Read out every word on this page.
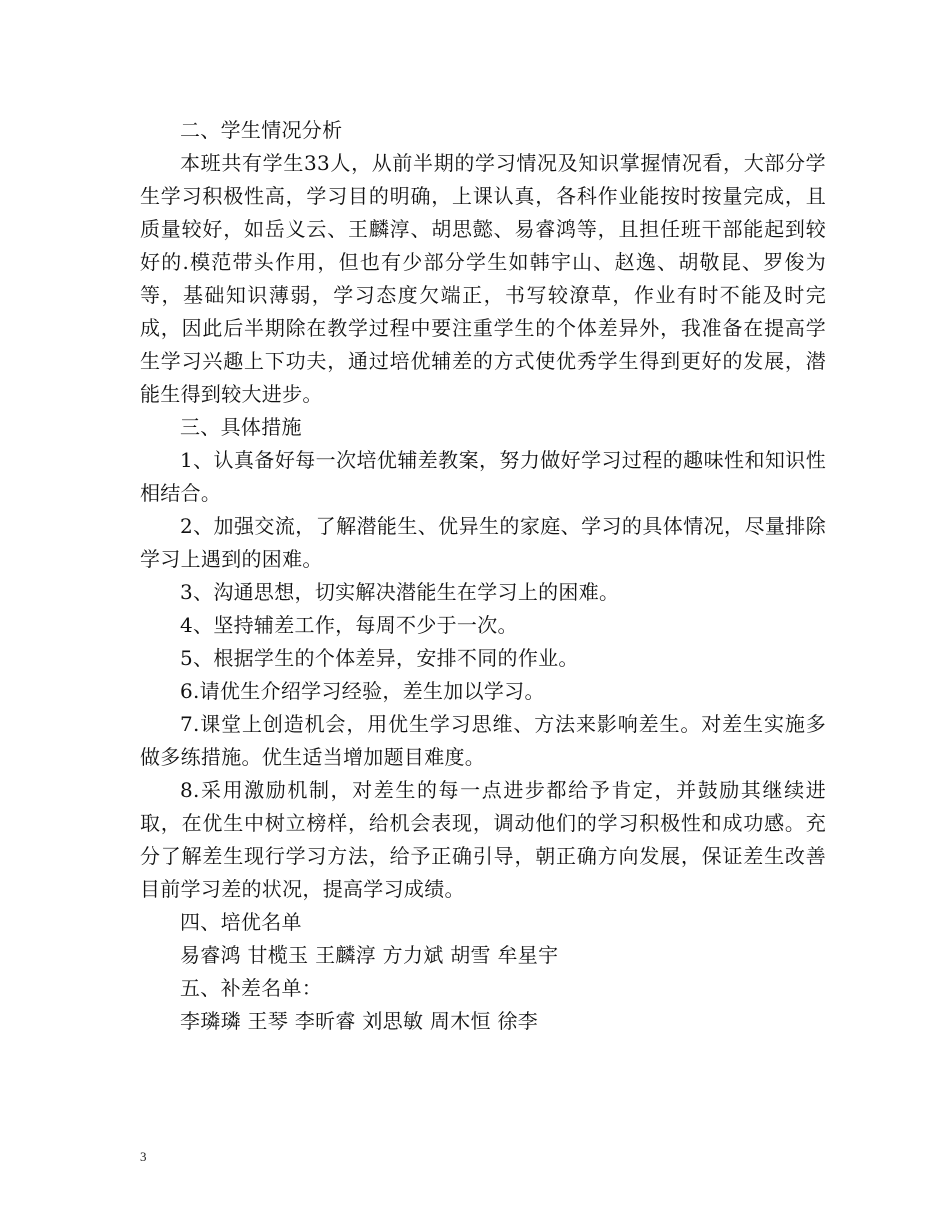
二、学生情况分析

本班共有学生33人，从前半期的学习情况及知识掌握情况看，大部分学生学习积极性高，学习目的明确，上课认真，各科作业能按时按量完成，且质量较好，如岳义云、王麟淳、胡思懿、易睿鸿等，且担任班干部能起到较好的.模范带头作用，但也有少部分学生如韩宇山、赵逸、胡敬昆、罗俊为等，基础知识薄弱，学习态度欠端正，书写较潦草，作业有时不能及时完成，因此后半期除在教学过程中要注重学生的个体差异外，我准备在提高学生学习兴趣上下功夫，通过培优辅差的方式使优秀学生得到更好的发展，潜能生得到较大进步。

三、具体措施

1、认真备好每一次培优辅差教案，努力做好学习过程的趣味性和知识性相结合。

2、加强交流，了解潜能生、优异生的家庭、学习的具体情况，尽量排除学习上遇到的困难。

3、沟通思想，切实解决潜能生在学习上的困难。

4、坚持辅差工作，每周不少于一次。

5、根据学生的个体差异，安排不同的作业。

6.请优生介绍学习经验，差生加以学习。

7.课堂上创造机会，用优生学习思维、方法来影响差生。对差生实施多做多练措施。优生适当增加题目难度。

8.采用激励机制，对差生的每一点进步都给予肯定，并鼓励其继续进取，在优生中树立榜样，给机会表现，调动他们的学习积极性和成功感。充分了解差生现行学习方法，给予正确引导，朝正确方向发展，保证差生改善目前学习差的状况，提高学习成绩。

四、培优名单

易睿鸿 甘榄玉 王麟淳 方力斌 胡雪 牟星宇

五、补差名单：

李璘璘 王琴 李昕睿 刘思敏 周木恒 徐李

3
